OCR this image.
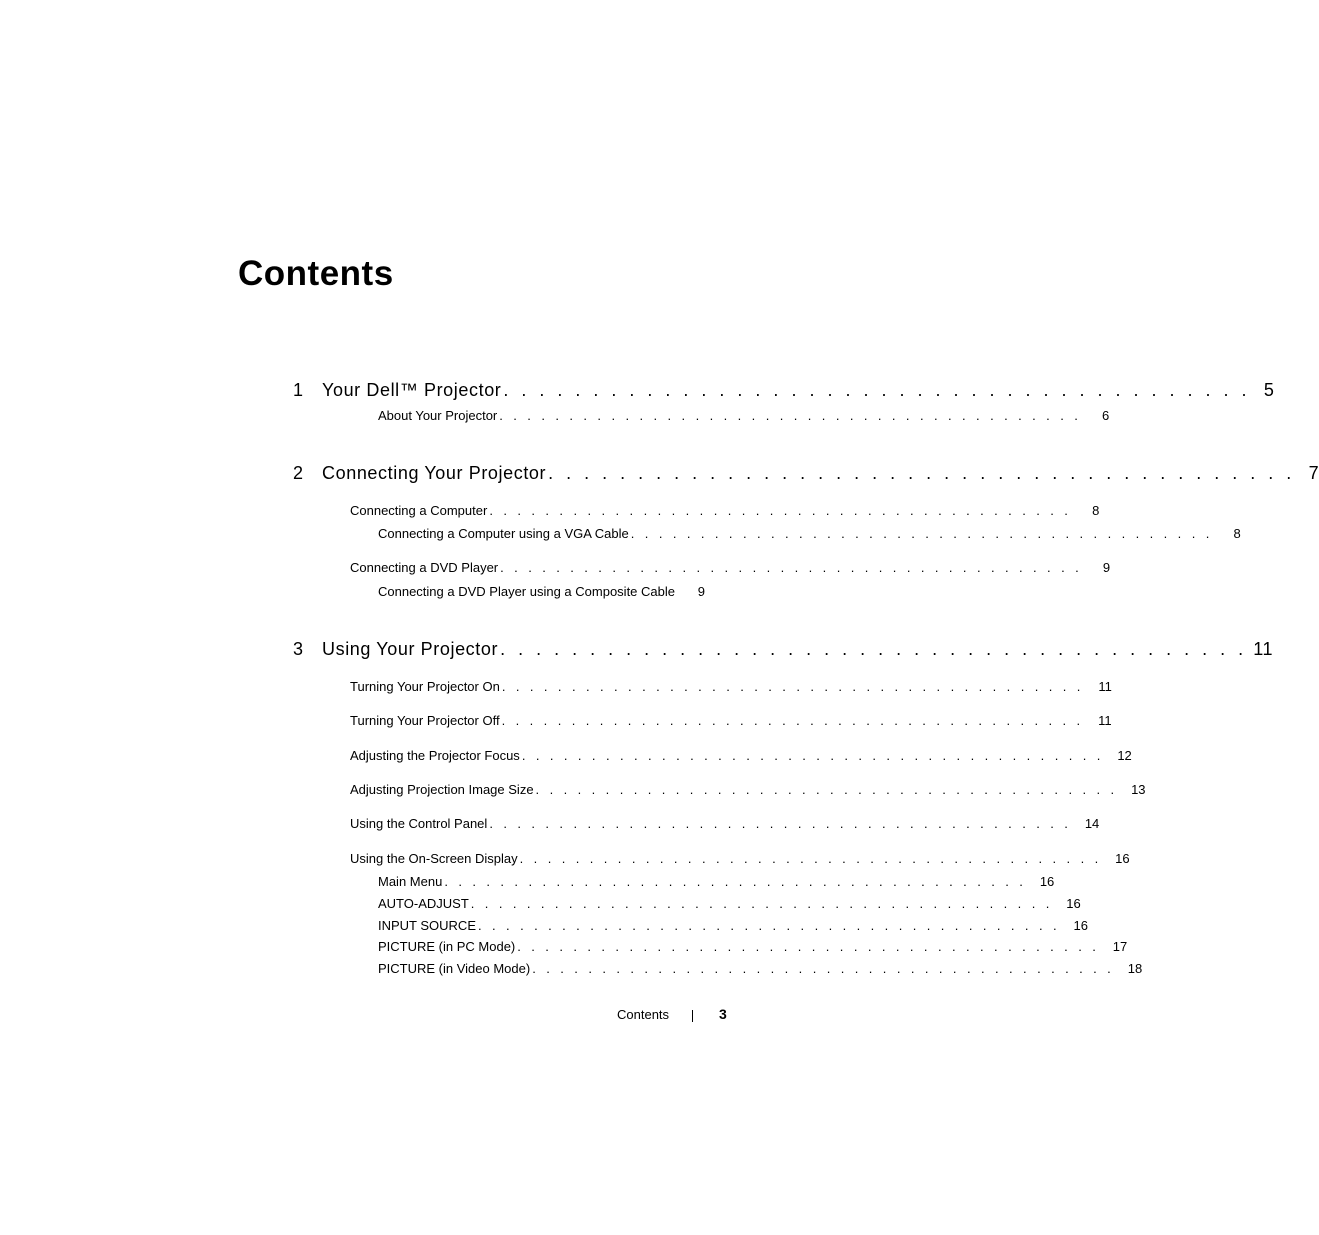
Contents
1 Your Dell™ Projector . . . . . . . . . . . . . . . . . . . . . . . . . . . . . . . . . . . . . . . . . . 5
About Your Projector . . . . . . . . . . . . . . . . . . . . . . . . . . . . . . . . . . . . . . . . . .	6
2 Connecting Your Projector . . . . . . . . . . . . . . . . . . . . . . . . . . . . . . . . . . . . . . . . . . 7
Connecting a Computer . . . . . . . . . . . . . . . . . . . . . . . . . . . . . . . . . . . . . . . . . .	8
Connecting a Computer using a VGA Cable . . . . . . . . . . . . . . . . . . . . . . . . . . . . . . . . . . . . . . . . . .	8
Connecting a DVD Player . . . . . . . . . . . . . . . . . . . . . . . . . . . . . . . . . . . . . . . . . .	9
Connecting a DVD Player using a Composite Cable	9
3 Using Your Projector . . . . . . . . . . . . . . . . . . . . . . . . . . . . . . . . . . . . . . . . . . 11
Turning Your Projector On . . . . . . . . . . . . . . . . . . . . . . . . . . . . . . . . . . . . . . . . . .	11
Turning Your Projector Off . . . . . . . . . . . . . . . . . . . . . . . . . . . . . . . . . . . . . . . . . .	11
Adjusting the Projector Focus . . . . . . . . . . . . . . . . . . . . . . . . . . . . . . . . . . . . . . . . . .	12
Adjusting Projection Image Size . . . . . . . . . . . . . . . . . . . . . . . . . . . . . . . . . . . . . . . . . .	13
Using the Control Panel . . . . . . . . . . . . . . . . . . . . . . . . . . . . . . . . . . . . . . . . . .	14
Using the On-Screen Display . . . . . . . . . . . . . . . . . . . . . . . . . . . . . . . . . . . . . . . . . .	16
Main Menu . . . . . . . . . . . . . . . . . . . . . . . . . . . . . . . . . . . . . . . . . .	16
AUTO-ADJUST . . . . . . . . . . . . . . . . . . . . . . . . . . . . . . . . . . . . . . . . . .	16
INPUT SOURCE . . . . . . . . . . . . . . . . . . . . . . . . . . . . . . . . . . . . . . . . . .	16
PICTURE (in PC Mode) . . . . . . . . . . . . . . . . . . . . . . . . . . . . . . . . . . . . . . . . . .	17
PICTURE (in Video Mode) . . . . . . . . . . . . . . . . . . . . . . . . . . . . . . . . . . . . . . . . . .	18
Contents	3
